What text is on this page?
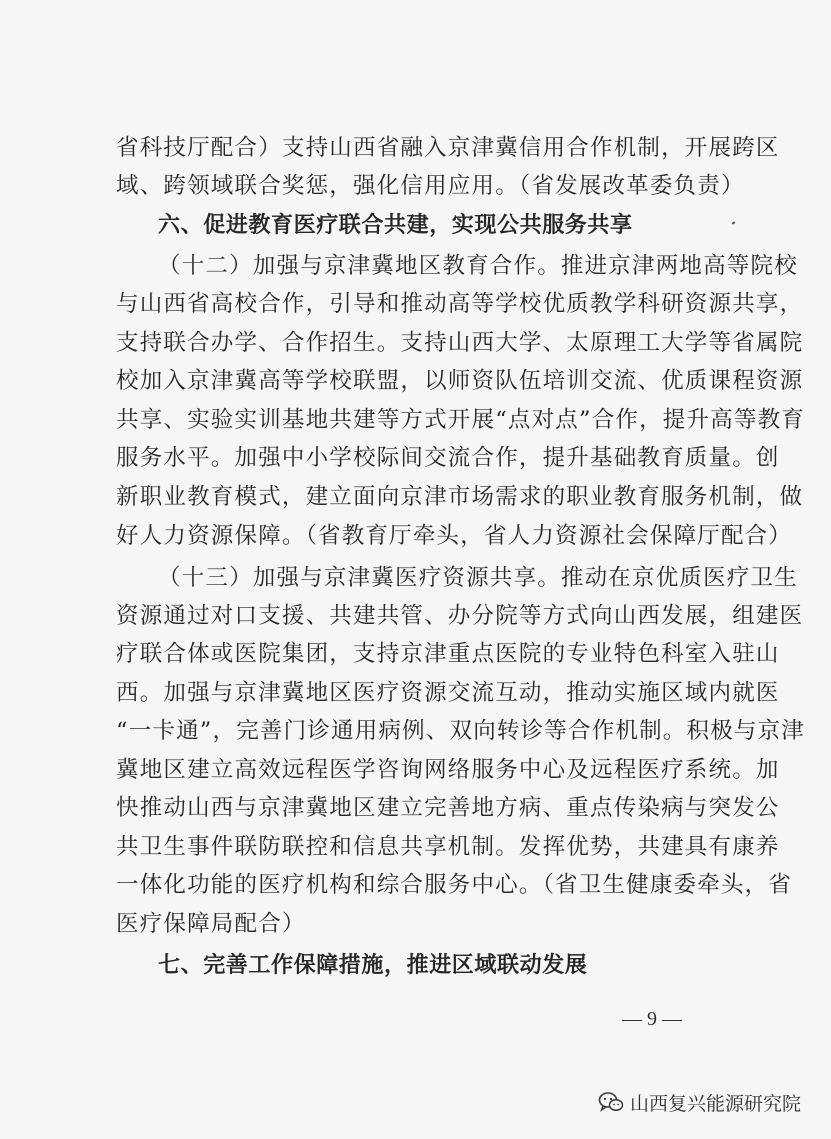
省科技厅配合）支持山西省融入京津冀信用合作机制，开展跨区
域、跨领域联合奖惩，强化信用应用。（省发展改革委负责）
六、促进教育医疗联合共建，实现公共服务共享
（十二）加强与京津冀地区教育合作。推进京津两地高等院校
与山西省高校合作，引导和推动高等学校优质教学科研资源共享，
支持联合办学、合作招生。支持山西大学、太原理工大学等省属院
校加入京津冀高等学校联盟，以师资队伍培训交流、优质课程资源
共享、实验实训基地共建等方式开展“点对点”合作，提升高等教育
服务水平。加强中小学校际间交流合作，提升基础教育质量。创
新职业教育模式，建立面向京津市场需求的职业教育服务机制，做
好人力资源保障。（省教育厅牵头，省人力资源社会保障厅配合）
（十三）加强与京津冀医疗资源共享。推动在京优质医疗卫生
资源通过对口支援、共建共管、办分院等方式向山西发展，组建医
疗联合体或医院集团，支持京津重点医院的专业特色科室入驻山
西。加强与京津冀地区医疗资源交流互动，推动实施区域内就医
“一卡通”，完善门诊通用病例、双向转诊等合作机制。积极与京津
冀地区建立高效远程医学咨询网络服务中心及远程医疗系统。加
快推动山西与京津冀地区建立完善地方病、重点传染病与突发公
共卫生事件联防联控和信息共享机制。发挥优势，共建具有康养
一体化功能的医疗机构和综合服务中心。（省卫生健康委牵头，省
医疗保障局配合）
七、完善工作保障措施，推进区域联动发展
— 9 —
山西复兴能源研究院
